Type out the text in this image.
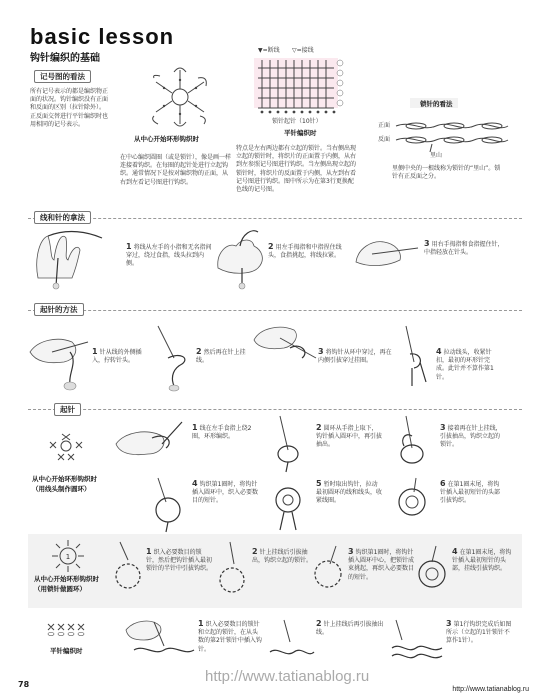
basic lesson
钩针编织的基础
记号图的看法
所有记号表示的都是编织物正面的状况。钩针编织没有正面和反面的区别（拉针除外）。正反面交替进行平针编织时也用相同的记号表示。
从中心开始环形钩织时
在中心编织圆圈（或是锁针），像是画一样连接着钩织。在每圈的起针处进行立起钩织。通常情况下是按对编织物的正面，从右到左看记号图进行钩织。
▼=断线 ▽=接线
锁针起针（10针）
平针编织时
特点是左右两边都有立起的锁针。当右侧出现立起的锁针时，将织片的正面置于内侧，从右到左参照记号图进行钩织。当左侧出现立起的锁针时，将织片的反面置于内侧，从左到右看记号图进行钩织。图中所示为在第3行更换配色线的记号图。
锁针的看法
正面
反面
里山
里侧中央的一根线称为锁针的“里山”。锁针有正反面之分。
线和针的拿法
1 将线从左手的小指和无名指间穿过，绕过食指，线头拉到内侧。
2 用左手拇指和中指捏住线头，食指挑起，将线拉紧。
3 用右手拇指和食指握住针，中指轻放在针头。
起针的方法
1 针从线的外侧插入，拧转针头。
2 然后再在针上挂线。
3 将钩针从环中穿过，再在内侧引拔穿过挂圈。
4 拉动线头，收紧针扣，最初的环形针完成。此针并不算作第1针。
起针
从中心开始环形钩织时（用线头制作圆环）
1 线在左手食指上绕2圈，环形编织。
2 圆环从手指上取下，钩针插入圆环中，再引拔抽出。
3 接着再在针上挂线，引拔抽出，钩织立起的锁针。
4 钩织第1圈时，将钩针插入圆环中，织入必要数目的短针。
5 暂时取出钩针，拉动最初圆环的线和线头，收紧线圈。
6 在第1圈末尾，将钩针插入最初短针的头部引拔钩织。
1
从中心开始环形钩织时（用锁针做圆环）
1 织入必要数目的锁针，然后把钩针插入最初锁针的半针中引拔钩织。
2 针上挂线后引拔抽出，钩织立起的锁针。
3 钩织第1圈时，将钩针插入圆环中心，把锁针成束挑起，再织入必要数目的短针。
4 在第1圈末尾，将钩针插入最初短针的头部，挂线引拔钩织。
平针编织时
1 织入必要数目的锁针和立起的锁针，在从头数的第2针锁针中插入钩针。
2 针上挂线后再引拔抽出线。
3 第1行钩织完成后如图所示（立起的1针锁针不算作1针）。
78	http://www.tatianablog.ru
http://www.tatianablog.ru
